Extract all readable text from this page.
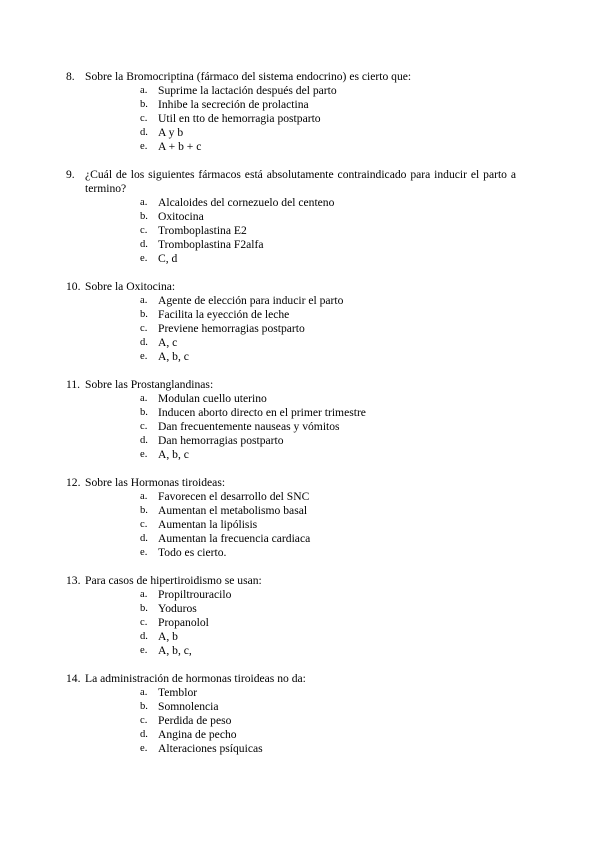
8. Sobre la Bromocriptina (fármaco del sistema endocrino) es cierto que:
a. Suprime la lactación después del parto
b. Inhibe la secreción de prolactina
c. Util en tto de hemorragia postparto
d. A y b
e. A + b + c
9. ¿Cuál de los siguientes fármacos está absolutamente contraindicado para inducir el parto a termino?
a. Alcaloides del cornezuelo del centeno
b. Oxitocina
c. Tromboplastina E2
d. Tromboplastina F2alfa
e. C, d
10. Sobre la Oxitocina:
a. Agente de elección para inducir el parto
b. Facilita la eyección de leche
c. Previene hemorragias postparto
d. A, c
e. A, b, c
11. Sobre las Prostanglandinas:
a. Modulan cuello uterino
b. Inducen aborto directo en el primer trimestre
c. Dan frecuentemente nauseas y vómitos
d. Dan hemorragias postparto
e. A, b, c
12. Sobre las Hormonas tiroideas:
a. Favorecen el desarrollo del SNC
b. Aumentan el metabolismo basal
c. Aumentan la lipólisis
d. Aumentan la frecuencia cardiaca
e. Todo es cierto.
13. Para casos de hipertiroidismo se usan:
a. Propiltrouracilo
b. Yoduros
c. Propanolol
d. A, b
e. A, b, c,
14. La administración de hormonas tiroideas no da:
a. Temblor
b. Somnolencia
c. Perdida de peso
d. Angina de pecho
e. Alteraciones psíquicas
